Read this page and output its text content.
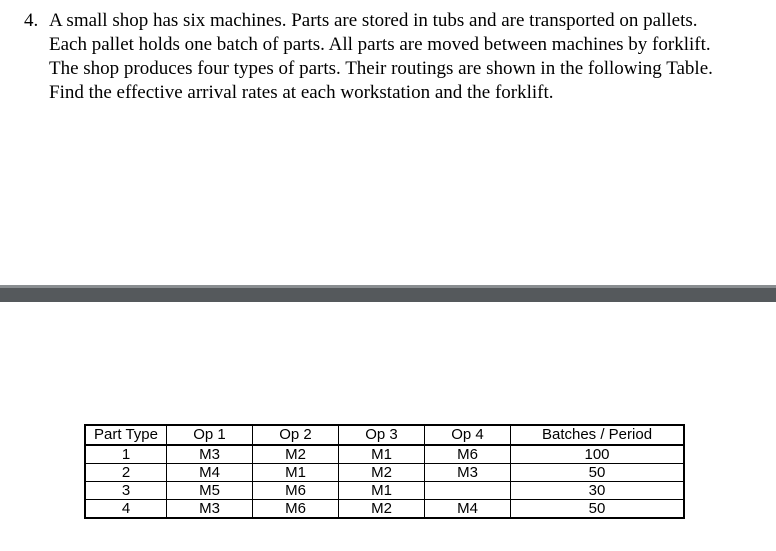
4. A small shop has six machines. Parts are stored in tubs and are transported on pallets.
Each pallet holds one batch of parts. All parts are moved between machines by forklift.
The shop produces four types of parts. Their routings are shown in the following Table.
Find the effective arrival rates at each workstation and the forklift.
Part Type	Op 1	Op 2	Op 3	Op 4	Batches / Period
1	M3	M2	M1	M6	100
2	M4	M1	M2	M3	50
3	M5	M6	M1		30
4	M3	M6	M2	M4	50
